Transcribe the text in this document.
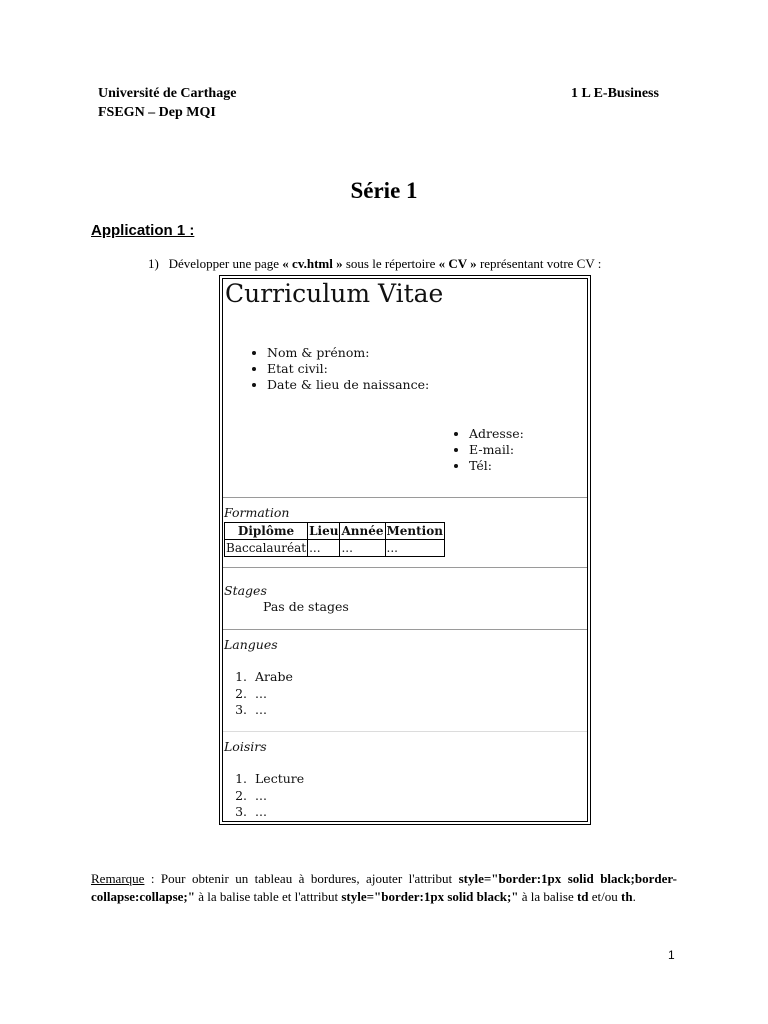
Université de Carthage
FSEGN – Dep MQI
1 L E-Business
Série 1
Application 1 :
1) Développer une page « cv.html » sous le répertoire « CV » représentant votre CV :
Curriculum Vitae
• Nom & prénom:
• Etat civil:
• Date & lieu de naissance:
• Adresse:
• E-mail:
• Tél:
Formation
Diplôme	Lieu	Année	Mention
Baccalauréat	...	...	...
Stages
Pas de stages
Langues
1. Arabe
2. ...
3. ...
Loisirs
1. Lecture
2. ...
3. ...
Remarque : Pour obtenir un tableau à bordures, ajouter l'attribut style="border:1px solid black;border-collapse:collapse;" à la balise table et l'attribut style="border:1px solid black;" à la balise td et/ou th.
1
